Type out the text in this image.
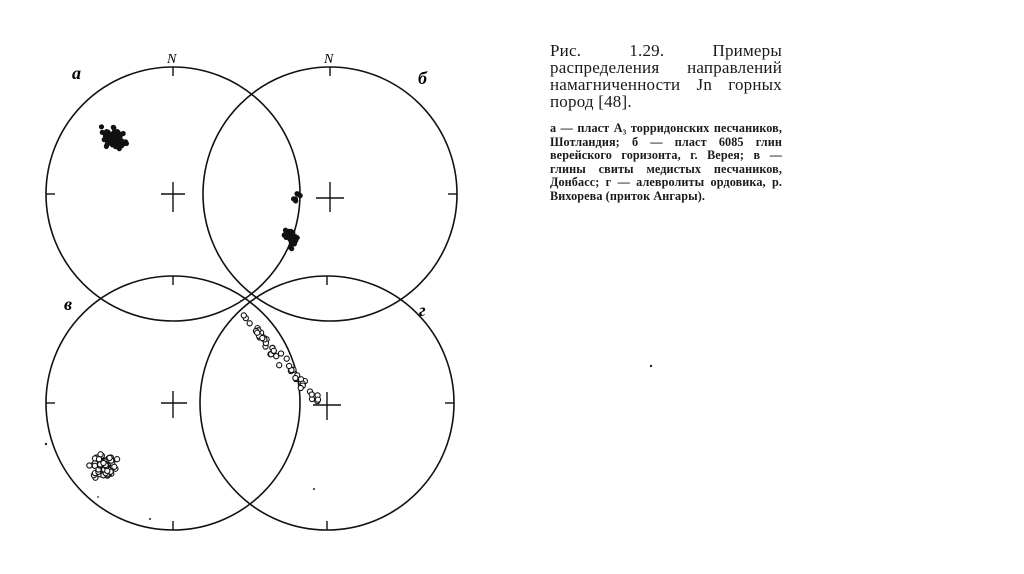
N
а
N
б
в	г

Рис. 1.29. Примеры распределения направлений намагниченности Jn горных пород [48].

а — пласт A₃ торридонских песчаников, Шотландия; б — пласт 6085 глин верейского горизонта, г. Верея; в — глины свиты медистых песчаников, Донбасс; г — алевролиты ордовика, р. Вихорева (приток Ангары).
